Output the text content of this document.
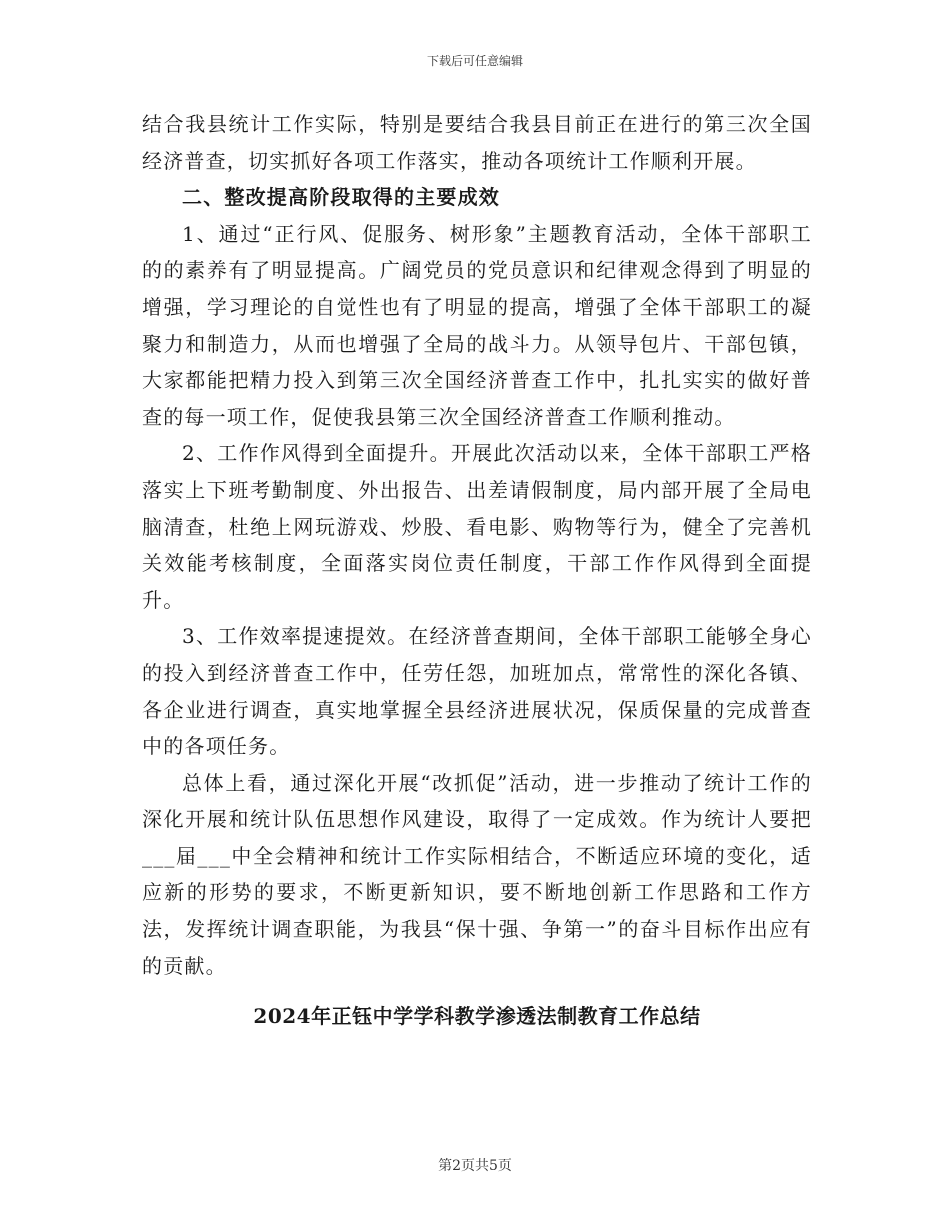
下载后可任意编辑

结合我县统计工作实际，特别是要结合我县目前正在进行的第三次全国经济普查，切实抓好各项工作落实，推动各项统计工作顺利开展。

二、整改提高阶段取得的主要成效

1、通过“正行风、促服务、树形象”主题教育活动，全体干部职工的的素养有了明显提高。广阔党员的党员意识和纪律观念得到了明显的增强，学习理论的自觉性也有了明显的提高，增强了全体干部职工的凝聚力和制造力，从而也增强了全局的战斗力。从领导包片、干部包镇，大家都能把精力投入到第三次全国经济普查工作中，扎扎实实的做好普查的每一项工作，促使我县第三次全国经济普查工作顺利推动。

2、工作作风得到全面提升。开展此次活动以来，全体干部职工严格落实上下班考勤制度、外出报告、出差请假制度，局内部开展了全局电脑清查，杜绝上网玩游戏、炒股、看电影、购物等行为，健全了完善机关效能考核制度，全面落实岗位责任制度，干部工作作风得到全面提升。

3、工作效率提速提效。在经济普查期间，全体干部职工能够全身心的投入到经济普查工作中，任劳任怨，加班加点，常常性的深化各镇、各企业进行调查，真实地掌握全县经济进展状况，保质保量的完成普查中的各项任务。

总体上看，通过深化开展“改抓促”活动，进一步推动了统计工作的深化开展和统计队伍思想作风建设，取得了一定成效。作为统计人要把___届___中全会精神和统计工作实际相结合，不断适应环境的变化，适应新的形势的要求，不断更新知识，要不断地创新工作思路和工作方法，发挥统计调查职能，为我县“保十强、争第一”的奋斗目标作出应有的贡献。

2024年正钰中学学科教学渗透法制教育工作总结
第2页共5页
